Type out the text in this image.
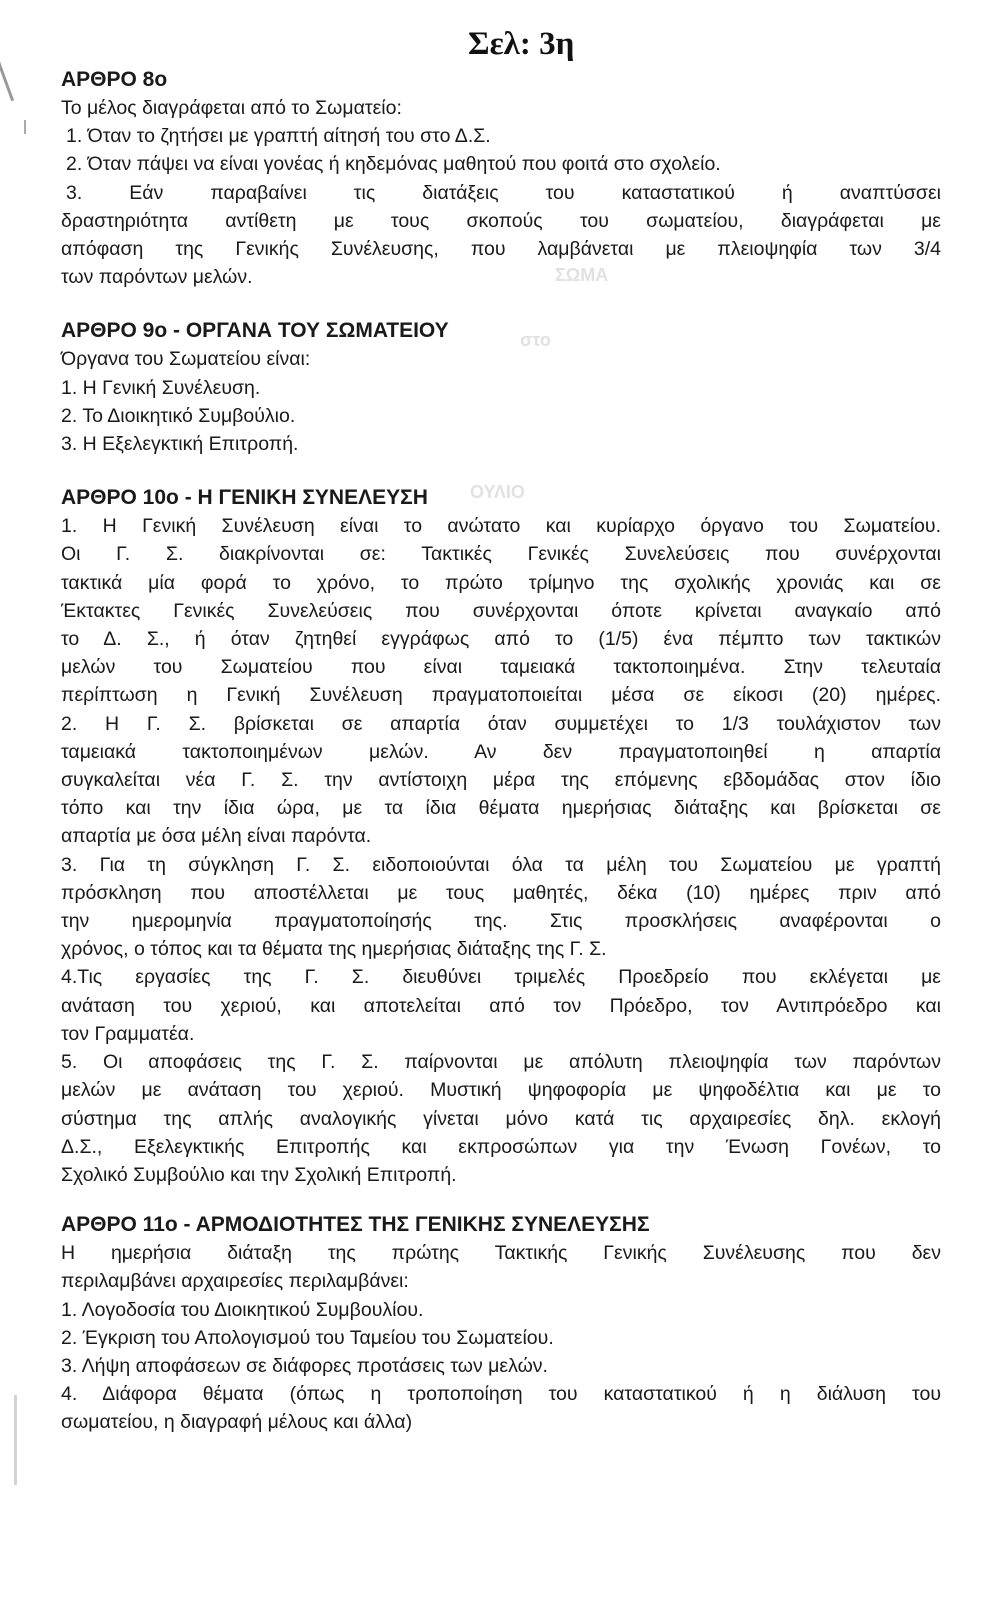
ΣΩΜΑ
στο
ΟΥΛΙΟ
Σελ: 3η

ΑΡΘΡΟ 8ο

Το μέλος διαγράφεται από το Σωματείο:

1. Όταν το ζητήσει με γραπτή αίτησή του στο Δ.Σ.

2. Όταν πάψει να είναι γονέας ή κηδεμόνας μαθητού που φοιτά στο σχολείο.

3. Εάν παραβαίνει τις διατάξεις του καταστατικού ή αναπτύσσει

δραστηριότητα αντίθετη με τους σκοπούς του σωματείου, διαγράφεται με

απόφαση της Γενικής Συνέλευσης, που λαμβάνεται με πλειοψηφία των 3/4

των παρόντων μελών.

ΑΡΘΡΟ 9ο - ΟΡΓΑΝΑ ΤΟΥ ΣΩΜΑΤΕΙΟΥ

Όργανα του Σωματείου είναι:

1. Η Γενική Συνέλευση.

2. Το Διοικητικό Συμβούλιο.

3. Η Εξελεγκτική Επιτροπή.

ΑΡΘΡΟ 10ο - Η ΓΕΝΙΚΗ ΣΥΝΕΛΕΥΣΗ

1. Η Γενική Συνέλευση είναι το ανώτατο και κυρίαρχο όργανο του Σωματείου.

Οι Γ. Σ. διακρίνονται σε: Τακτικές Γενικές Συνελεύσεις που συνέρχονται

τακτικά μία φορά το χρόνο, το πρώτο τρίμηνο της σχολικής χρονιάς και σε

Έκτακτες Γενικές Συνελεύσεις που συνέρχονται όποτε κρίνεται αναγκαίο από

το Δ. Σ., ή όταν ζητηθεί εγγράφως από το (1/5) ένα πέμπτο των τακτικών

μελών του Σωματείου που είναι ταμειακά τακτοποιημένα. Στην τελευταία

περίπτωση η Γενική Συνέλευση πραγματοποιείται μέσα σε είκοσι (20) ημέρες.

2. Η Γ. Σ. βρίσκεται σε απαρτία όταν συμμετέχει το 1/3 τουλάχιστον των

ταμειακά τακτοποιημένων μελών. Αν δεν πραγματοποιηθεί η απαρτία

συγκαλείται νέα Γ. Σ. την αντίστοιχη μέρα της επόμενης εβδομάδας στον ίδιο

τόπο και την ίδια ώρα, με τα ίδια θέματα ημερήσιας διάταξης και βρίσκεται σε

απαρτία με όσα μέλη είναι παρόντα.

3. Για τη σύγκληση Γ. Σ. ειδοποιούνται όλα τα μέλη του Σωματείου με γραπτή

πρόσκληση που αποστέλλεται με τους μαθητές, δέκα (10) ημέρες πριν από

την ημερομηνία πραγματοποίησής της. Στις προσκλήσεις αναφέρονται ο

χρόνος, ο τόπος και τα θέματα της ημερήσιας διάταξης της Γ. Σ.

4.Τις εργασίες της Γ. Σ. διευθύνει τριμελές Προεδρείο που εκλέγεται με

ανάταση του χεριού, και αποτελείται από τον Πρόεδρο, τον Αντιπρόεδρο και

τον Γραμματέα.

5. Οι αποφάσεις της Γ. Σ. παίρνονται με απόλυτη πλειοψηφία των παρόντων

μελών με ανάταση του χεριού. Μυστική ψηφοφορία με ψηφοδέλτια και με το

σύστημα της απλής αναλογικής γίνεται μόνο κατά τις αρχαιρεσίες δηλ. εκλογή

Δ.Σ., Εξελεγκτικής Επιτροπής και εκπροσώπων για την Ένωση Γονέων, το

Σχολικό Συμβούλιο και την Σχολική Επιτροπή.

ΑΡΘΡΟ 11ο - ΑΡΜΟΔΙΟΤΗΤΕΣ ΤΗΣ ΓΕΝΙΚΗΣ ΣΥΝΕΛΕΥΣΗΣ

Η ημερήσια διάταξη της πρώτης Τακτικής Γενικής Συνέλευσης που δεν

περιλαμβάνει αρχαιρεσίες περιλαμβάνει:

1. Λογοδοσία του Διοικητικού Συμβουλίου.

2. Έγκριση του Απολογισμού του Ταμείου του Σωματείου.

3. Λήψη αποφάσεων σε διάφορες προτάσεις των μελών.

4. Διάφορα θέματα (όπως η τροποποίηση του καταστατικού ή η διάλυση του

σωματείου, η διαγραφή μέλους και άλλα)
